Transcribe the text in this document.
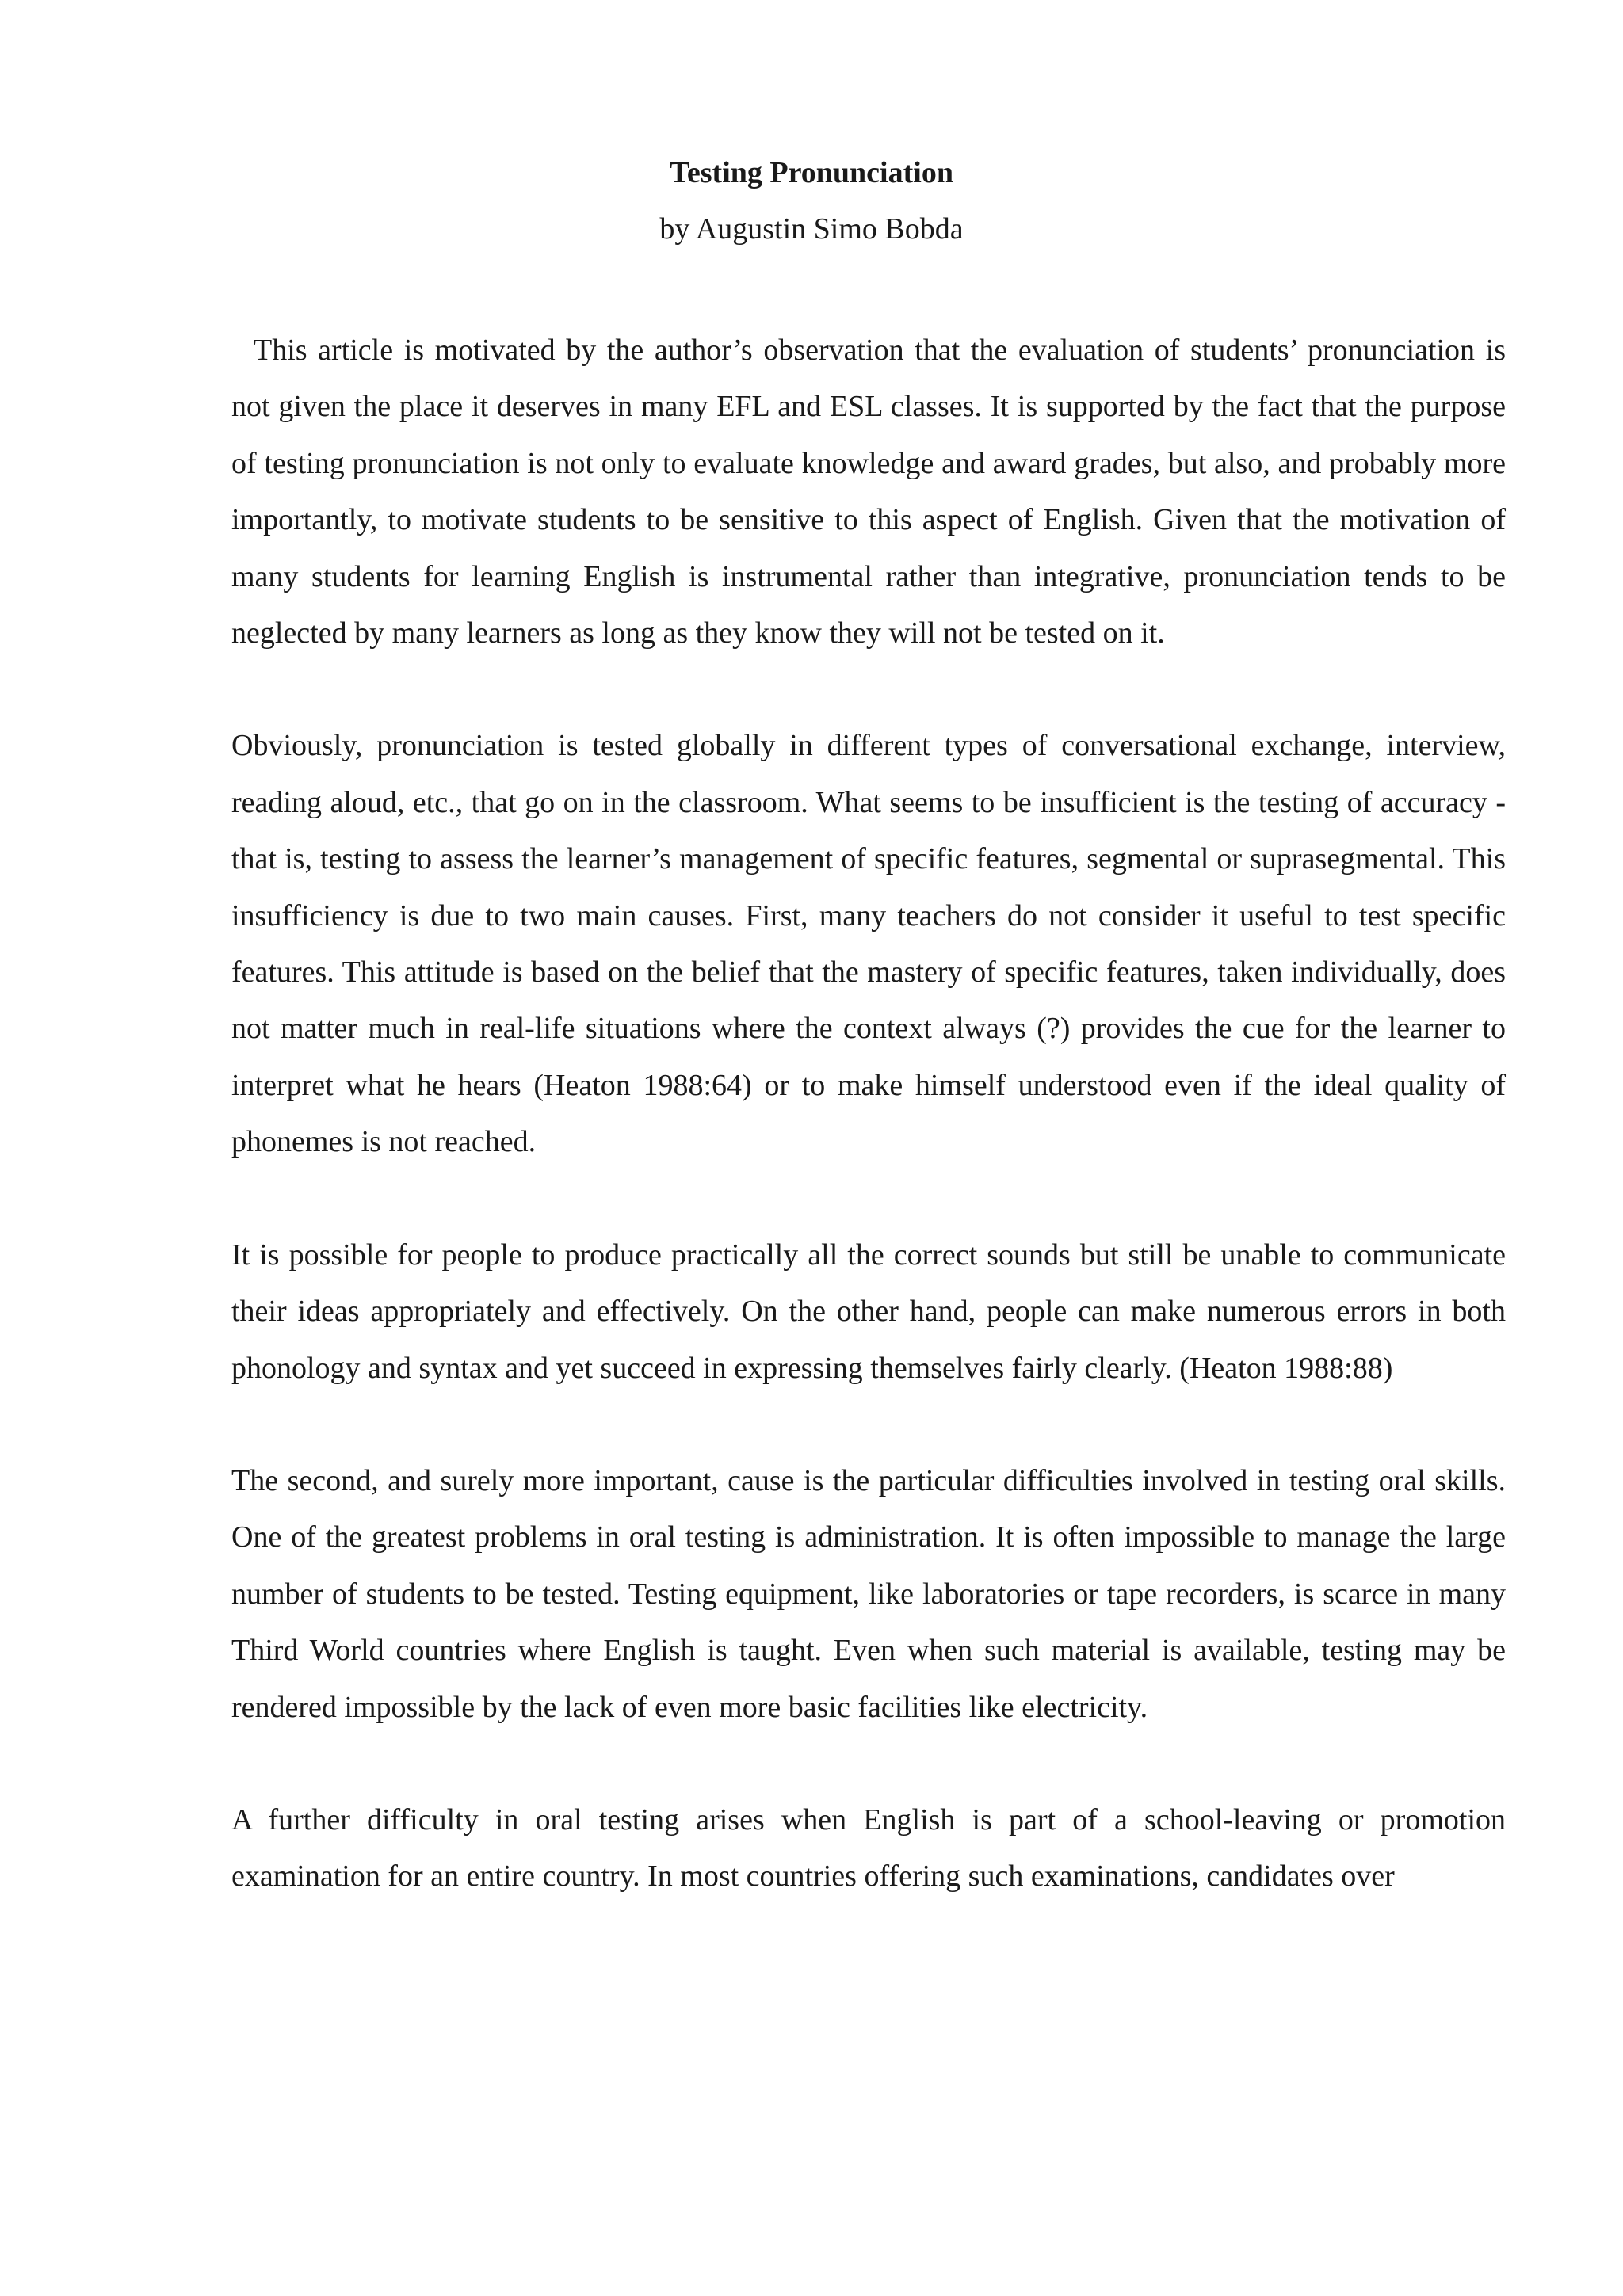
Testing Pronunciation
by Augustin Simo Bobda

This article is motivated by the author’s observation that the evaluation of students’ pronunciation is not given the place it deserves in many EFL and ESL classes. It is supported by the fact that the purpose of testing pronunciation is not only to evaluate knowledge and award grades, but also, and probably more importantly, to motivate students to be sensitive to this aspect of English. Given that the motivation of many students for learning English is instrumental rather than integrative, pronunciation tends to be neglected by many learners as long as they know they will not be tested on it.

Obviously, pronunciation is tested globally in different types of conversational exchange, interview, reading aloud, etc., that go on in the classroom. What seems to be insufficient is the testing of accuracy - that is, testing to assess the learner’s management of specific features, segmental or suprasegmental. This insufficiency is due to two main causes. First, many teachers do not consider it useful to test specific features. This attitude is based on the belief that the mastery of specific features, taken individually, does not matter much in real-life situations where the context always (?) provides the cue for the learner to interpret what he hears (Heaton 1988:64) or to make himself understood even if the ideal quality of phonemes is not reached.

It is possible for people to produce practically all the correct sounds but still be unable to communicate their ideas appropriately and effectively. On the other hand, people can make numerous errors in both phonology and syntax and yet succeed in expressing themselves fairly clearly. (Heaton 1988:88)

The second, and surely more important, cause is the particular difficulties involved in testing oral skills. One of the greatest problems in oral testing is administration. It is often impossible to manage the large number of students to be tested. Testing equipment, like laboratories or tape recorders, is scarce in many Third World countries where English is taught. Even when such material is available, testing may be rendered impossible by the lack of even more basic facilities like electricity.

A further difficulty in oral testing arises when English is part of a school-leaving or promotion examination for an entire country. In most countries offering such examinations, candidates over
